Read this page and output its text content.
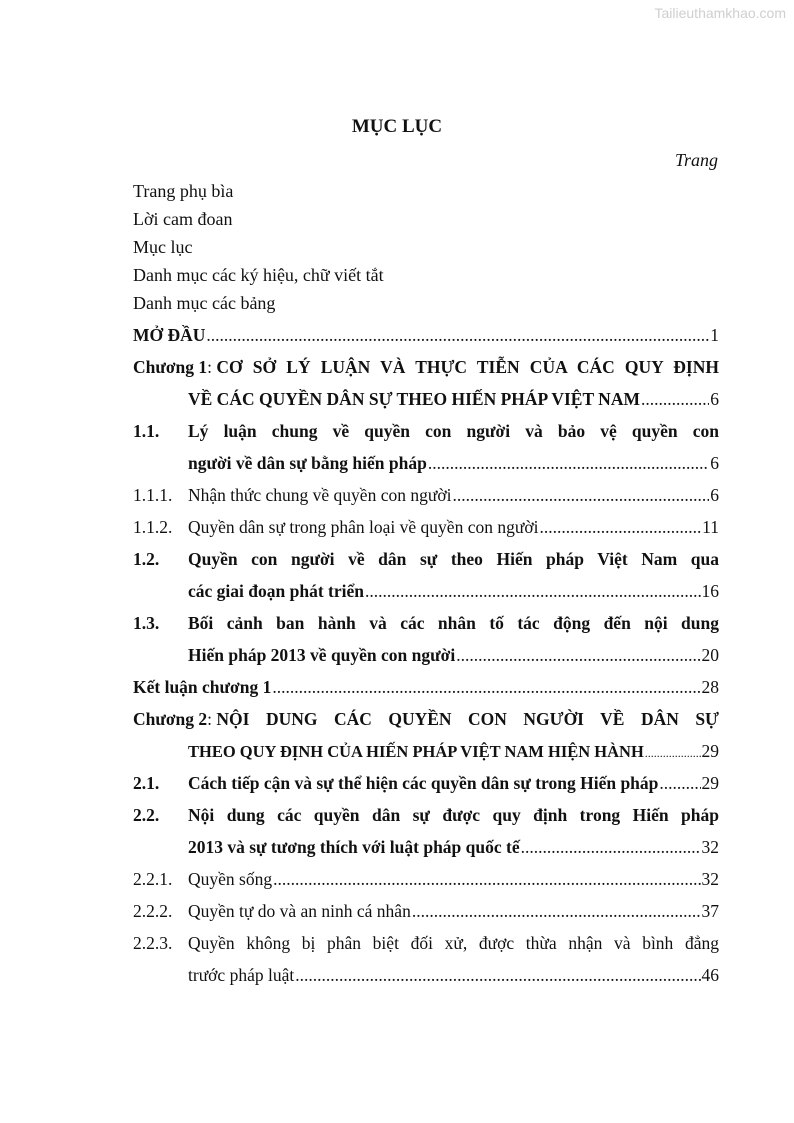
Tailieuthamkhao.com
MỤC LỤC
Trang
Trang phụ bìa
Lời cam đoan
Mục lục
Danh mục các ký hiệu, chữ viết tắt
Danh mục các bảng
MỞ ĐẦU .....	1
Chương 1 : CƠ SỞ LÝ LUẬN VÀ THỰC TIỄN CỦA CÁC QUY ĐỊNH
VỀ CÁC QUYỀN DÂN SỰ THEO HIẾN PHÁP VIỆT NAM .....	6
1.1.	Lý luận chung về quyền con người và bảo vệ quyền con
người về dân sự bằng hiến pháp .....	6
1.1.1. Nhận thức chung về quyền con người .....	6
1.1.2. Quyền dân sự trong phân loại về quyền con người .....	11
1.2.	Quyền con người về dân sự theo Hiến pháp Việt Nam qua
các giai đoạn phát triển .....	16
1.3.	Bối cảnh ban hành và các nhân tố tác động đến nội dung
Hiến pháp 2013 về quyền con người .....	20
Kết luận chương 1 .....	28
Chương 2 : NỘI DUNG CÁC QUYỀN CON NGƯỜI VỀ DÂN SỰ
THEO QUY ĐỊNH CỦA HIẾN PHÁP VIỆT NAM HIỆN HÀNH .....	29
2.1.	Cách tiếp cận và sự thể hiện các quyền dân sự trong Hiến pháp ..... 29
2.2.	Nội dung các quyền dân sự được quy định trong Hiến pháp
2013 và sự tương thích với luật pháp quốc tế .....	32
2.2.1. Quyền sống .....	32
2.2.2. Quyền tự do và an ninh cá nhân .....	37
2.2.3. Quyền không bị phân biệt đối xử, được thừa nhận và bình đẳng
trước pháp luật .....	46
